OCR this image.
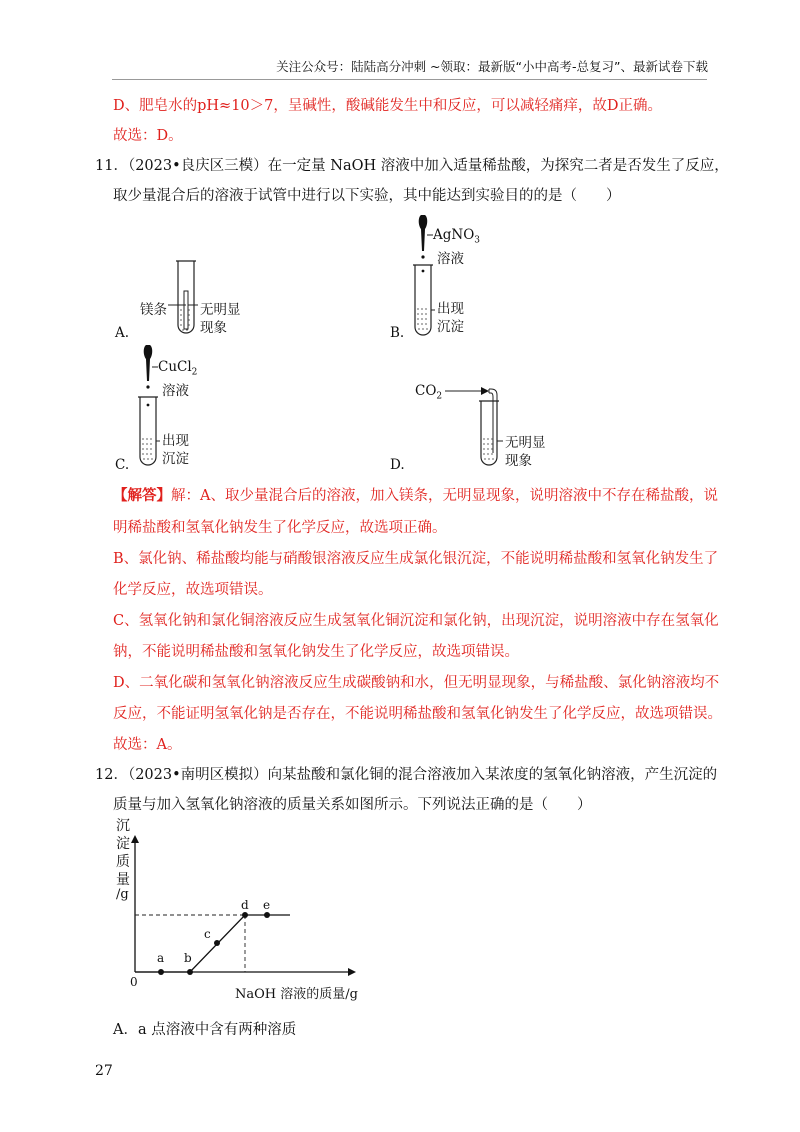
关注公众号：陆陆高分冲刺 ~领取：最新版“小中高考-总复习”、最新试卷下载
D、肥皂水的pH≈10＞7，呈碱性，酸碱能发生中和反应，可以减轻痛痒，故D正确。
故选：D。
11．（2023•良庆区三模）在一定量 NaOH 溶液中加入适量稀盐酸，为探究二者是否发生了反应，
取少量混合后的溶液于试管中进行以下实验，其中能达到实验目的的是（　　）
镁条 无明显
现象
A.
AgNO$_3$
溶液
出现
沉淀
B.
CuCl$_2$
溶液
出现
沉淀
C.
$CO_2$
无明显
现象
D.
【解答】解：A、取少量混合后的溶液，加入镁条，无明显现象，说明溶液中不存在稀盐酸，说
明稀盐酸和氢氧化钠发生了化学反应，故选项正确。
B、氯化钠、稀盐酸均能与硝酸银溶液反应生成氯化银沉淀，不能说明稀盐酸和氢氧化钠发生了
化学反应，故选项错误。
C、氢氧化钠和氯化铜溶液反应生成氢氧化铜沉淀和氯化钠，出现沉淀，说明溶液中存在氢氧化
钠，不能说明稀盐酸和氢氧化钠发生了化学反应，故选项错误。
D、二氧化碳和氢氧化钠溶液反应生成碳酸钠和水，但无明显现象，与稀盐酸、氯化钠溶液均不
反应，不能证明氢氧化钠是否存在，不能说明稀盐酸和氢氧化钠发生了化学反应，故选项错误。
故选：A。
12．（2023•南明区模拟）向某盐酸和氯化铜的混合溶液加入某浓度的氢氧化钠溶液，产生沉淀的
质量与加入氢氧化钠溶液的质量关系如图所示。下列说法正确的是（　　）
沉
淀
质
量
/g
0
NaOH 溶液的质量/g
a b
c
d e
A．a 点溶液中含有两种溶质
27
